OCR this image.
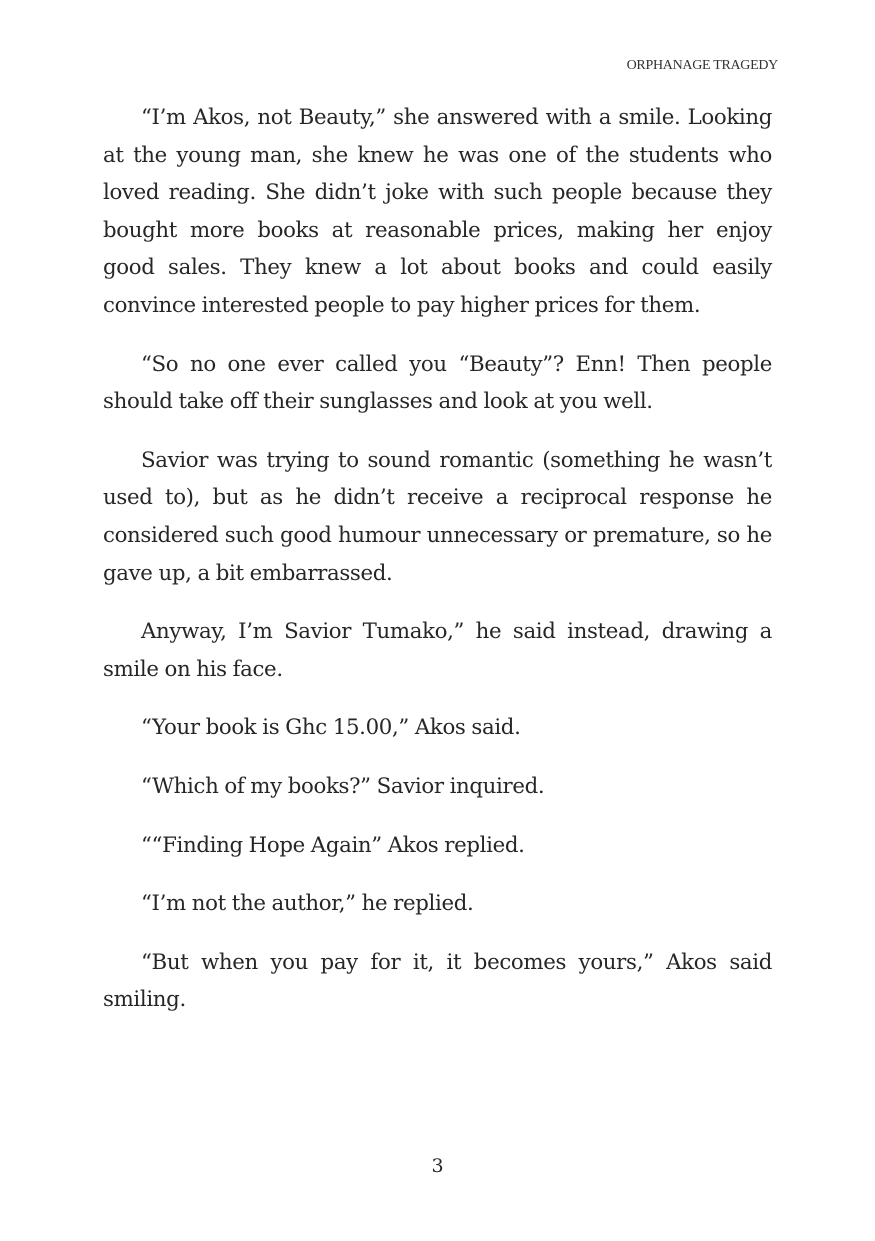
ORPHANAGE TRAGEDY

“I’m Akos, not Beauty,” she answered with a smile. Looking at the young man, she knew he was one of the students who loved reading. She didn’t joke with such people because they bought more books at reasonable prices, making her enjoy good sales. They knew a lot about books and could easily convince interested people to pay higher prices for them.

“So no one ever called you “Beauty”? Enn! Then people should take off their sunglasses and look at you well.

Savior was trying to sound romantic (something he wasn’t used to), but as he didn’t receive a reciprocal response he considered such good humour unnecessary or premature, so he gave up, a bit embarrassed.

Anyway, I’m Savior Tumako,” he said instead, drawing a smile on his face.

“Your book is Ghc 15.00,” Akos said.

“Which of my books?” Savior inquired.

““Finding Hope Again” Akos replied.

“I’m not the author,” he replied.

“But when you pay for it, it becomes yours,” Akos said smiling.

3
